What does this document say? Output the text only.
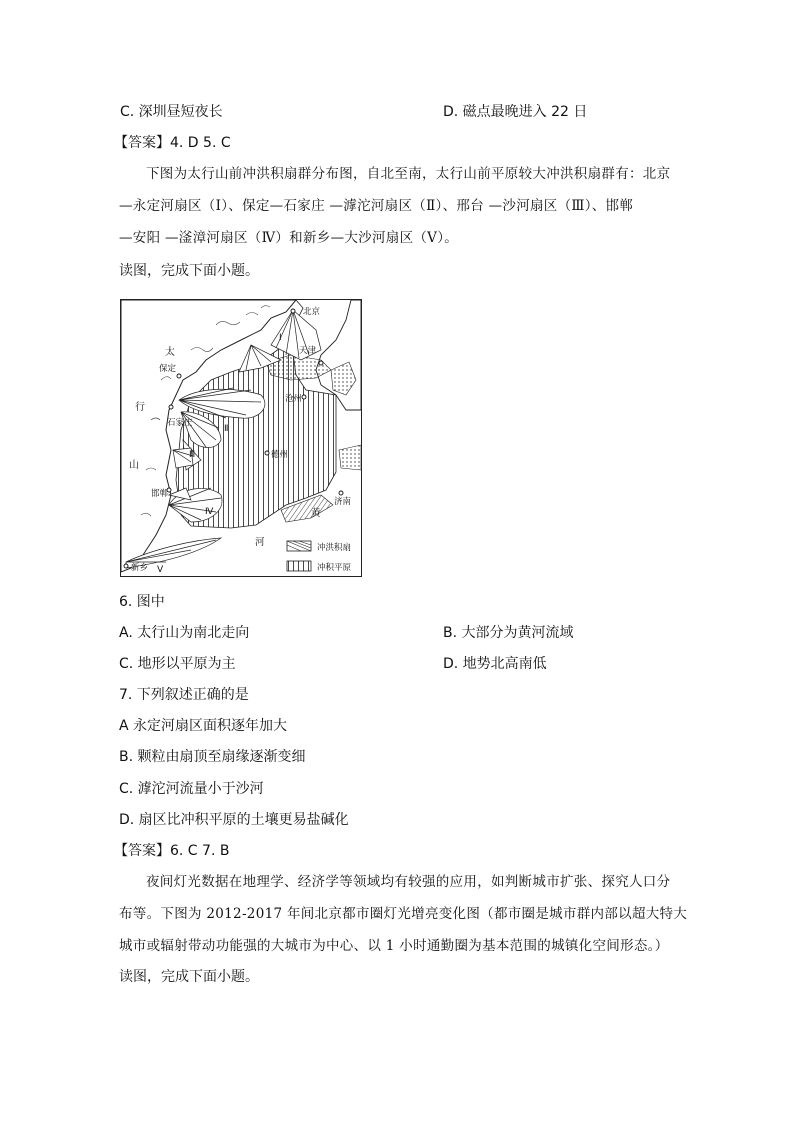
C. 深圳昼短夜长	D. 磁点最晚进入 22 日
【答案】4. D 5. C
下图为太行山前冲洪积扇群分布图，自北至南，太行山前平原较大冲洪积扇群有：北京
—永定河扇区（Ⅰ）、保定—石家庄 —滹沱河扇区（Ⅱ）、邢台 —沙河扇区（Ⅲ）、邯郸
—安阳 —滏漳河扇区（Ⅳ）和新乡—大沙河扇区（Ⅴ）。
读图，完成下面小题。
北京
天津
保定
石家庄
沧州
德州
邯郸
济南
新乡
太
行
山
黄
河
Ⅰ
Ⅱ
Ⅲ
Ⅳ
Ⅴ
冲洪积扇
冲积平原
6. 图中
A. 太行山为南北走向	B. 大部分为黄河流域
C. 地形以平原为主	D. 地势北高南低
7. 下列叙述正确的是
A 永定河扇区面积逐年加大
B. 颗粒由扇顶至扇缘逐渐变细
C. 滹沱河流量小于沙河
D. 扇区比冲积平原的土壤更易盐碱化
【答案】6. C 7. B
夜间灯光数据在地理学、经济学等领域均有较强的应用，如判断城市扩张、探究人口分
布等。下图为 2012-2017 年间北京都市圈灯光增亮变化图（都市圈是城市群内部以超大特大
城市或辐射带动功能强的大城市为中心、以 1 小时通勤圈为基本范围的城镇化空间形态。）
读图，完成下面小题。
